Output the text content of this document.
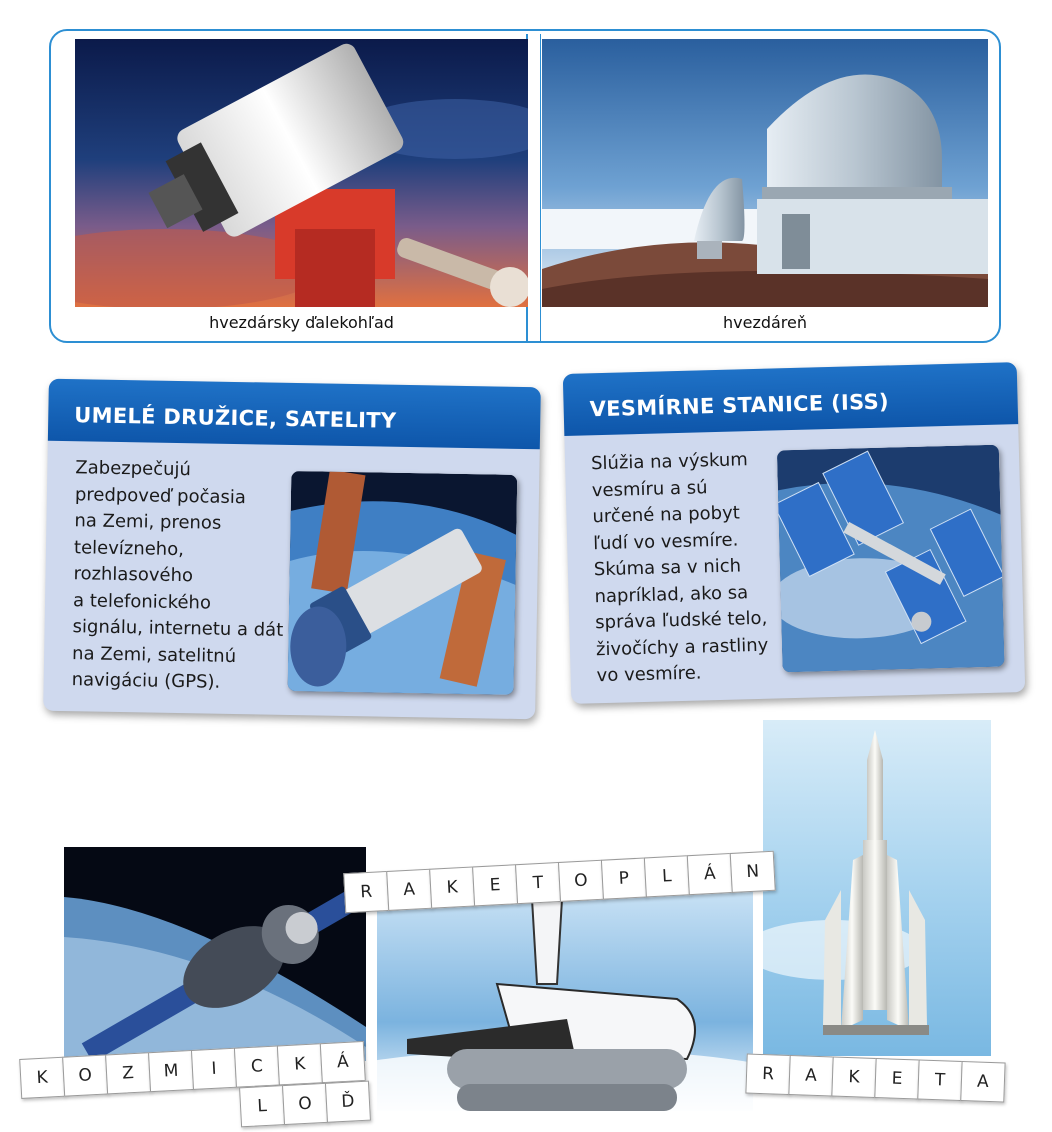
hvezdársky ďalekohľad	hvezdáreň
UMELÉ DRUŽICE, SATELITY
Zabezpečujú
predpoveď počasia
na Zemi, prenos
televízneho,
rozhlasového
a telefonického
signálu, internetu a dát
na Zemi, satelitnú
navigáciu (GPS).
VESMÍRNE STANICE (ISS)
Slúžia na výskum
vesmíru a sú
určené na pobyt
ľudí vo vesmíre.
Skúma sa v nich
napríklad, ako sa
správa ľudské telo,
živočíchy a rastliny
vo vesmíre.
K	O	Z	M	I	C	K	Á
L	O	Ď
R	A	K	E	T	O	P	L	Á	N
R	A	K	E	T	A
